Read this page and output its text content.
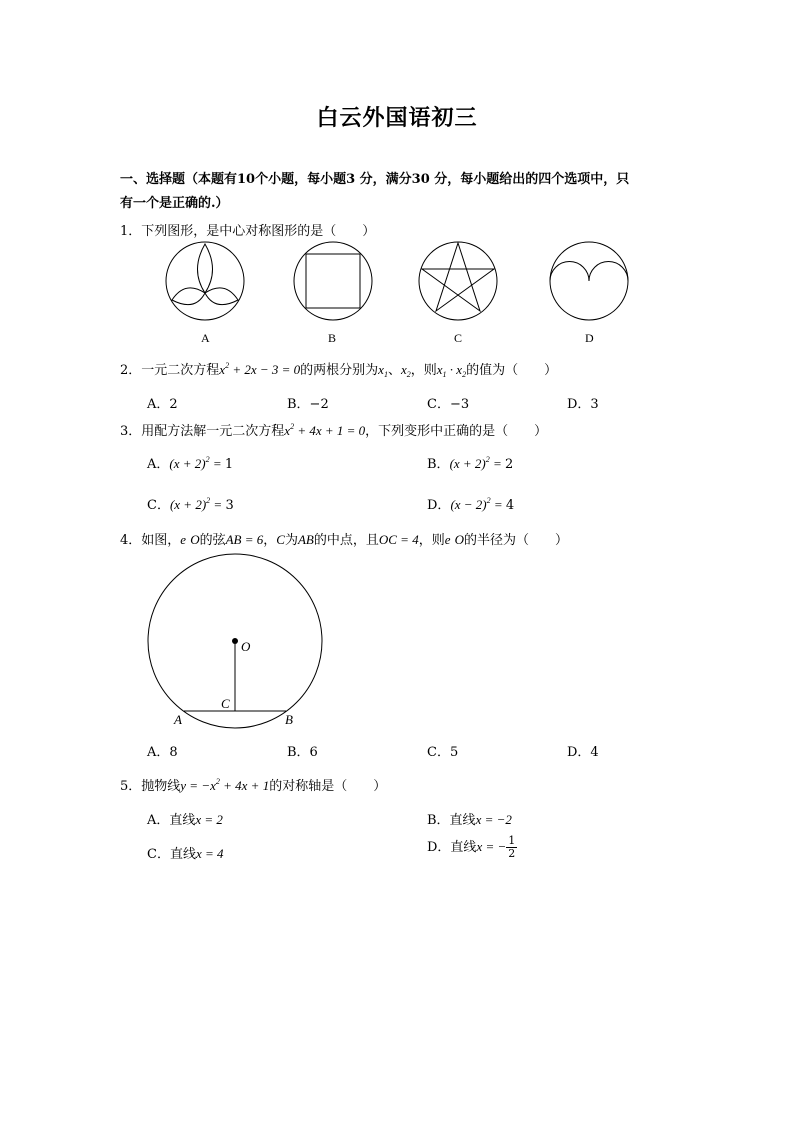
白云外国语初三
一、选择题（本题有10个小题，每小题3 分，满分30 分，每小题给出的四个选项中，只
有一个是正确的.）
1．下列图形，是中心对称图形的是（　　）
A	B	C	D
2．一元二次方程$x^2 + 2x - 3 = 0$的两根分别为$x_1$、$x_2$，则$x_1 \cdot x_2$的值为（　　）
A．2	B．−2	C．−3	D．3
3．用配方法解一元二次方程$x^2 + 4x + 1 = 0$，下列变形中正确的是（　　）
A．$(x + 2)^2 = 1$	B．$(x + 2)^2 = 2$
C．$(x + 2)^2 = 3$	D．$(x - 2)^2 = 4$
4．如图，e O的弦AB = 6，C为AB的中点，且OC = 4，则e O的半径为（　　）
O
C
A	B
A．8	B．6	C．5	D．4
5．抛物线$y = -x^2 + 4x + 1$的对称轴是（　　）
A．直线x = 2	B．直线x = −2
C．直线x = 4	D．直线x = − $\frac{1}{2}$
